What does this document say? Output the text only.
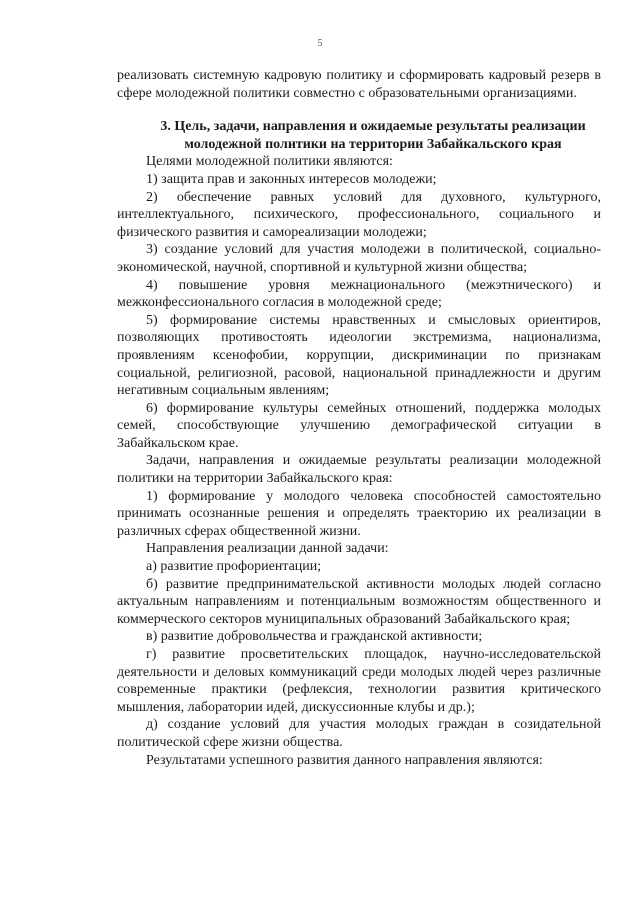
5

реализовать системную кадровую политику и сформировать кадровый резерв в сфере молодежной политики совместно с образовательными организациями.

3. Цель, задачи, направления и ожидаемые результаты реализации молодежной политики на территории Забайкальского края

Целями молодежной политики являются:

1) защита прав и законных интересов молодежи;

2) обеспечение равных условий для духовного, культурного, интеллектуального, психического, профессионального, социального и физического развития и самореализации молодежи;

3) создание условий для участия молодежи в политической, социально-экономической, научной, спортивной и культурной жизни общества;

4) повышение уровня межнационального (межэтнического) и межконфессионального согласия в молодежной среде;

5) формирование системы нравственных и смысловых ориентиров, позволяющих противостоять идеологии экстремизма, национализма, проявлениям ксенофобии, коррупции, дискриминации по признакам социальной, религиозной, расовой, национальной принадлежности и другим негативным социальным явлениям;

6) формирование культуры семейных отношений, поддержка молодых семей, способствующие улучшению демографической ситуации в Забайкальском крае.

Задачи, направления и ожидаемые результаты реализации молодежной политики на территории Забайкальского края:

1) формирование у молодого человека способностей самостоятельно принимать осознанные решения и определять траекторию их реализации в различных сферах общественной жизни.

Направления реализации данной задачи:

а) развитие профориентации;

б) развитие предпринимательской активности молодых людей согласно актуальным направлениям и потенциальным возможностям общественного и коммерческого секторов муниципальных образований Забайкальского края;

в) развитие добровольчества и гражданской активности;

г) развитие просветительских площадок, научно-исследовательской деятельности и деловых коммуникаций среди молодых людей через различные современные практики (рефлексия, технологии развития критического мышления, лаборатории идей, дискуссионные клубы и др.);

д) создание условий для участия молодых граждан в созидательной политической сфере жизни общества.

Результатами успешного развития данного направления являются:
